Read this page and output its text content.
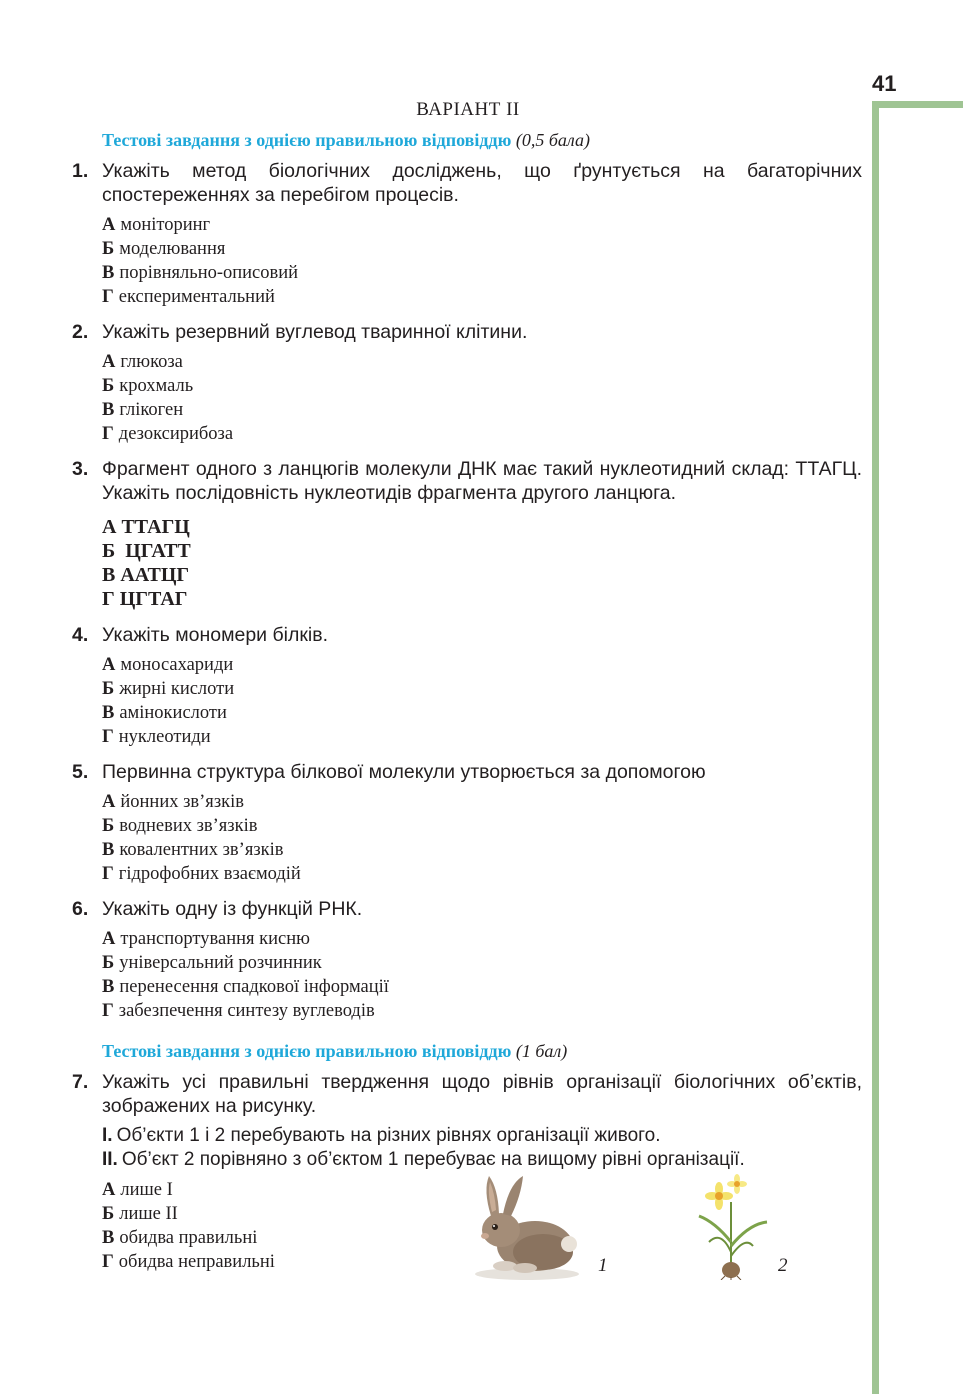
41
ВАРІАНТ ІІ
Тестові завдання з однією правильною відповіддю (0,5 бала)
1. Укажіть метод біологічних досліджень, що ґрунтується на багаторічних спостереженнях за перебігом процесів.
А моніторинг
Б моделювання
В порівняльно-описовий
Г експериментальний
2. Укажіть резервний вуглевод тваринної клітини.
А глюкоза
Б крохмаль
В глікоген
Г дезоксирибоза
3. Фрагмент одного з ланцюгів молекули ДНК має такий нуклеотидний склад: ТТАГЦ. Укажіть послідовність нуклеотидів фрагмента другого ланцюга.
А ТТАГЦ
Б ЦГАТТ
В ААТЦГ
Г ЦГТАГ
4. Укажіть мономери білків.
А моносахариди
Б жирні кислоти
В амінокислоти
Г нуклеотиди
5. Первинна структура білкової молекули утворюється за допомогою
А йонних зв’язків
Б водневих зв’язків
В ковалентних зв’язків
Г гідрофобних взаємодій
6. Укажіть одну із функцій РНК.
А транспортування кисню
Б універсальний розчинник
В перенесення спадкової інформації
Г забезпечення синтезу вуглеводів
Тестові завдання з однією правильною відповіддю (1 бал)
7. Укажіть усі правильні твердження щодо рівнів організації біологічних об’єктів, зображених на рисунку.
І. Об’єкти 1 і 2 перебувають на різних рівнях організації живого.
ІІ. Об’єкт 2 порівняно з об’єктом 1 перебуває на вищому рівні організації.
А лише І
Б лише ІІ
В обидва правильні
Г обидва неправильні	1	2
